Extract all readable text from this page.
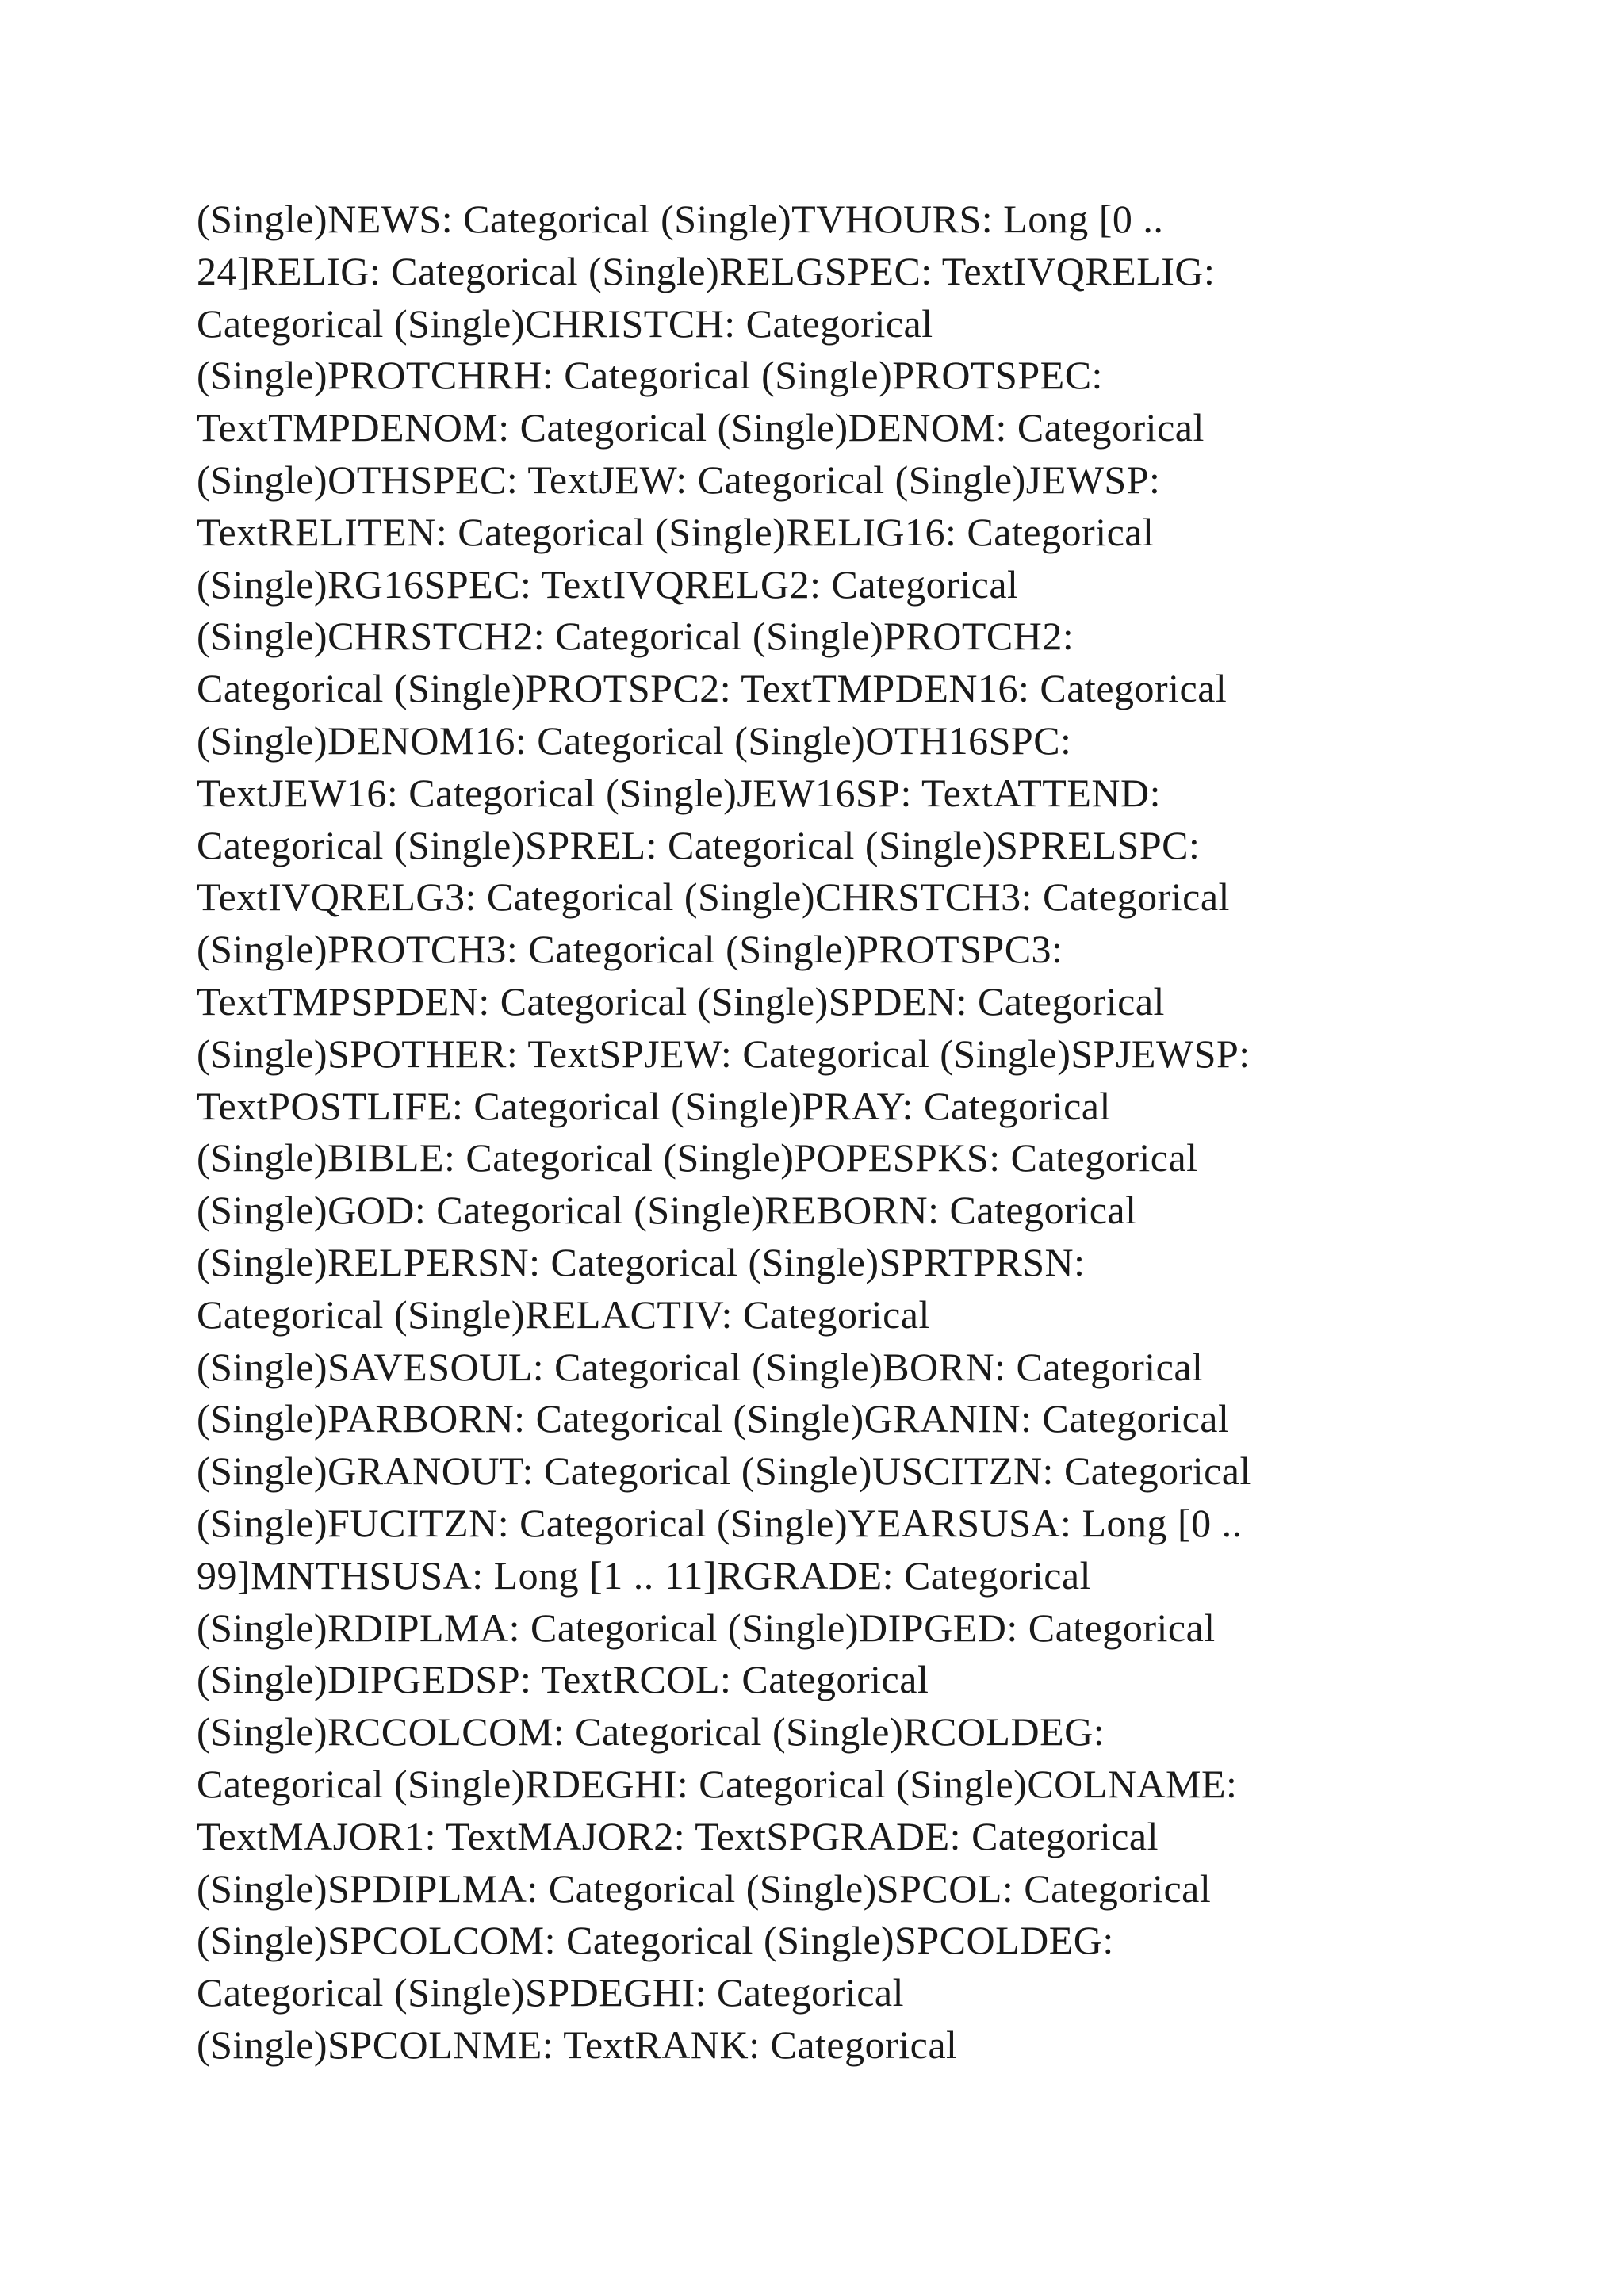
(Single)NEWS: Categorical (Single)TVHOURS: Long [0 ..
24]RELIG: Categorical (Single)RELGSPEC: TextIVQRELIG:
Categorical (Single)CHRISTCH: Categorical
(Single)PROTCHRH: Categorical (Single)PROTSPEC:
TextTMPDENOM: Categorical (Single)DENOM: Categorical
(Single)OTHSPEC: TextJEW: Categorical (Single)JEWSP:
TextRELITEN: Categorical (Single)RELIG16: Categorical
(Single)RG16SPEC: TextIVQRELG2: Categorical
(Single)CHRSTCH2: Categorical (Single)PROTCH2:
Categorical (Single)PROTSPC2: TextTMPDEN16: Categorical
(Single)DENOM16: Categorical (Single)OTH16SPC:
TextJEW16: Categorical (Single)JEW16SP: TextATTEND:
Categorical (Single)SPREL: Categorical (Single)SPRELSPC:
TextIVQRELG3: Categorical (Single)CHRSTCH3: Categorical
(Single)PROTCH3: Categorical (Single)PROTSPC3:
TextTMPSPDEN: Categorical (Single)SPDEN: Categorical
(Single)SPOTHER: TextSPJEW: Categorical (Single)SPJEWSP:
TextPOSTLIFE: Categorical (Single)PRAY: Categorical
(Single)BIBLE: Categorical (Single)POPESPKS: Categorical
(Single)GOD: Categorical (Single)REBORN: Categorical
(Single)RELPERSN: Categorical (Single)SPRTPRSN:
Categorical (Single)RELACTIV: Categorical
(Single)SAVESOUL: Categorical (Single)BORN: Categorical
(Single)PARBORN: Categorical (Single)GRANIN: Categorical
(Single)GRANOUT: Categorical (Single)USCITZN: Categorical
(Single)FUCITZN: Categorical (Single)YEARSUSA: Long [0 ..
99]MNTHSUSA: Long [1 .. 11]RGRADE: Categorical
(Single)RDIPLMA: Categorical (Single)DIPGED: Categorical
(Single)DIPGEDSP: TextRCOL: Categorical
(Single)RCCOLCOM: Categorical (Single)RCOLDEG:
Categorical (Single)RDEGHI: Categorical (Single)COLNAME:
TextMAJOR1: TextMAJOR2: TextSPGRADE: Categorical
(Single)SPDIPLMA: Categorical (Single)SPCOL: Categorical
(Single)SPCOLCOM: Categorical (Single)SPCOLDEG:
Categorical (Single)SPDEGHI: Categorical
(Single)SPCOLNME: TextRANK: Categorical
